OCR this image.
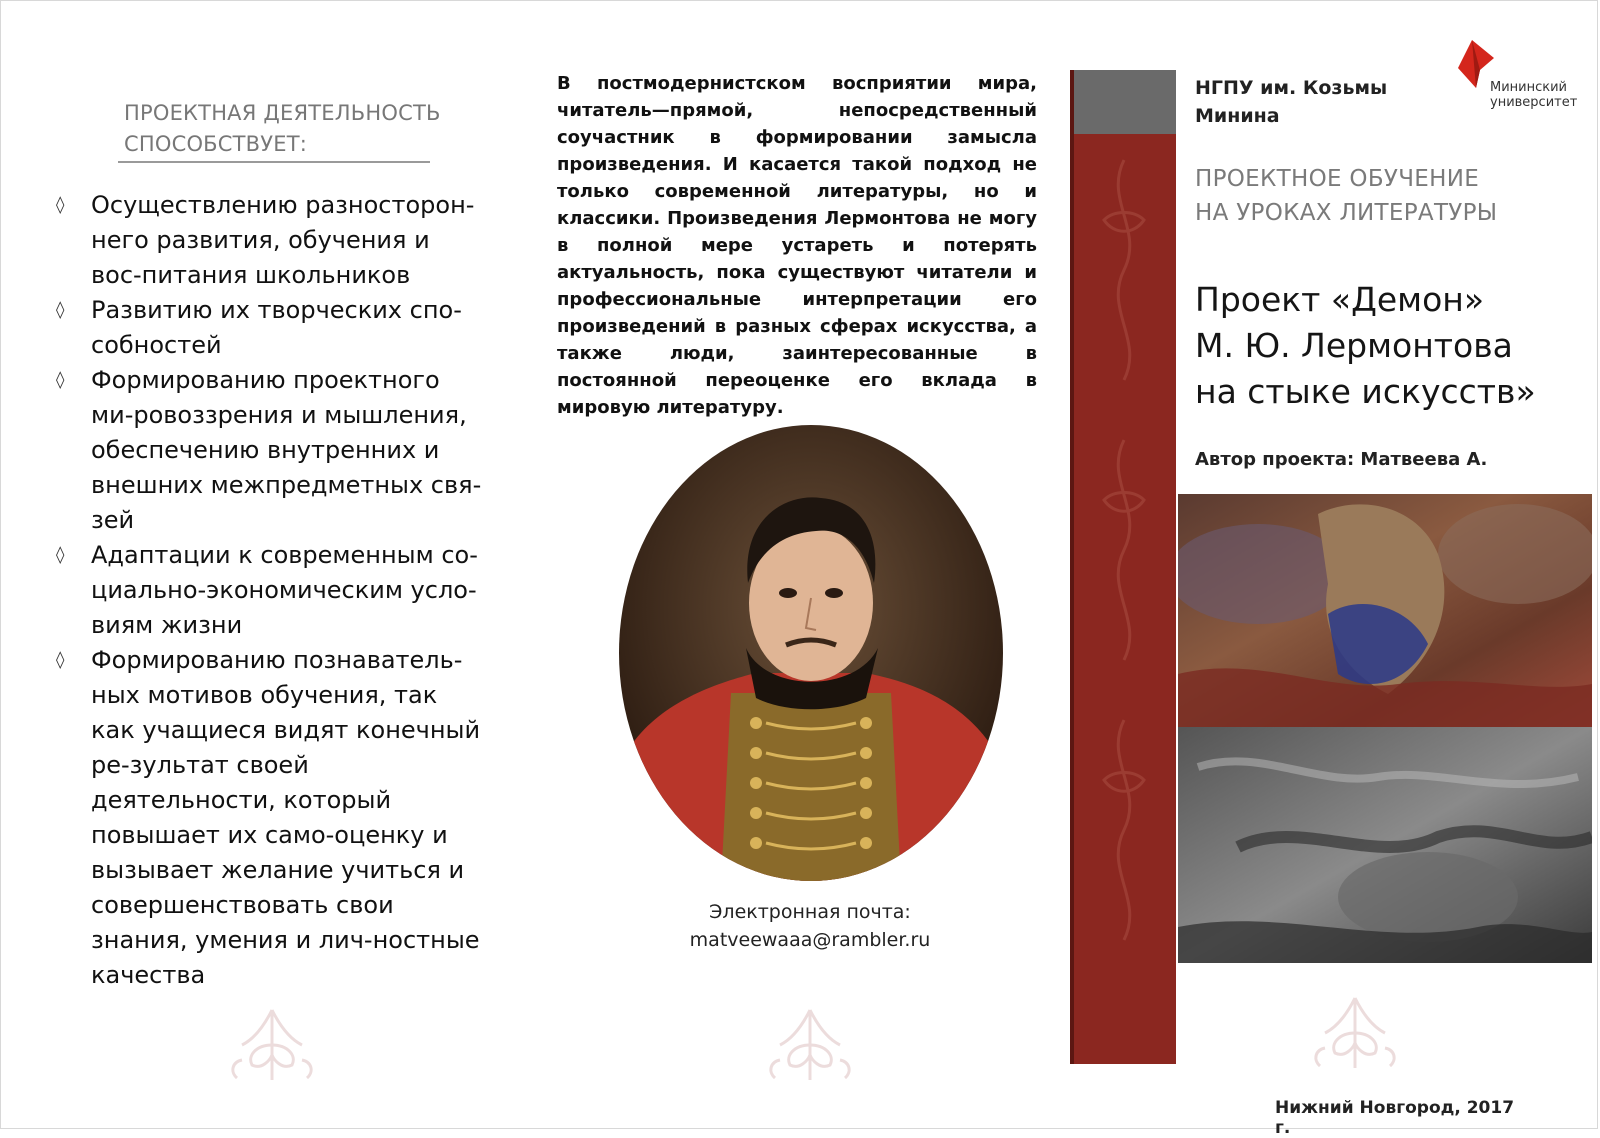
ПРОЕКТНАЯ ДЕЯТЕЛЬНОСТЬ
СПОСОБСТВУЕТ:
◊ Осуществлению разносторон-него развития, обучения и вос-питания школьников
◊ Развитию их творческих спо-собностей
◊ Формированию проектного ми-ровоззрения и мышления, обеспечению внутренних и внешних межпредметных свя-зей
◊ Адаптации к современным со-циально-экономическим усло-виям жизни
◊ Формированию познаватель-ных мотивов обучения, так как учащиеся видят конечный ре-зультат своей деятельности, который повышает их само-оценку и вызывает желание учиться и совершенствовать свои знания, умения и лич-ностные качества
В постмодернистском восприятии мира, читатель—прямой, непосредственный соучастник в формировании замысла произведения. И касается такой подход не только современной литературы, но и классики. Произведения Лермонтова не могу в полной мере устареть и потерять актуальность, пока существуют читатели и профессиональные интерпретации его произведений в разных сферах искусства, а также люди, заинтересованные в постоянной переоценке его вклада в мировую литературу.
Электронная почта:
matveewaaa@rambler.ru
НГПУ им. Козьмы Минина
Мининский
университет
ПРОЕКТНОЕ ОБУЧЕНИЕ
НА УРОКАХ ЛИТЕРАТУРЫ
Проект «Демон»
М. Ю. Лермонтова
на стыке искусств»
Автор проекта: Матвеева А.
Нижний Новгород, 2017 г.
